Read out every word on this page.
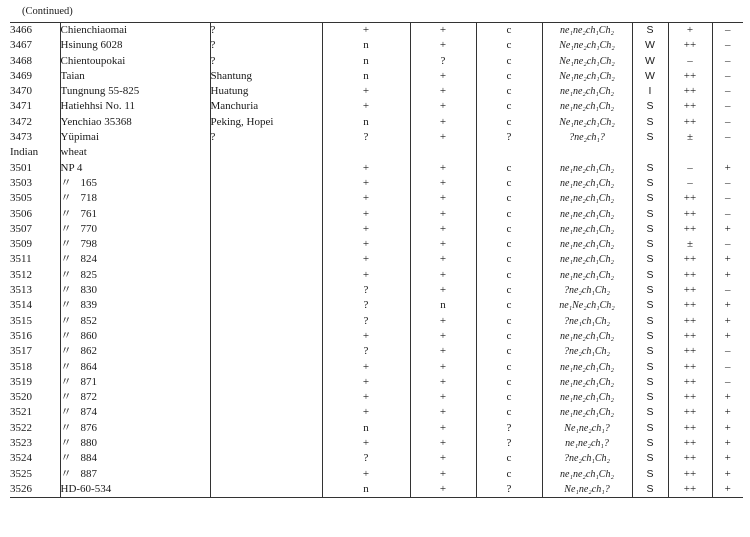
(Continued)
3466	Chienchiaomai	?	+	+	c	ne₁ne₂ch₁Ch₂	S	+	–
3467	Hsinung 6028	?	n	+	c	Ne₁ne₂ch₁Ch₂	W	++	–
3468	Chientoupokai	?	n	?	c	Ne₁ne₂ch₁Ch₂	W	–	–
3469	Taian	Shantung	n	+	c	Ne₁ne₂ch₁Ch₂	W	++	–
3470	Tungnung 55-825	Huatung	+	+	c	ne₁ne₂ch₁Ch₂	I	++	–
3471	Hatiehhsi No. 11	Manchuria	+	+	c	ne₁ne₂ch₁Ch₂	S	++	–
3472	Yenchiao 35368	Peking, Hopei	n	+	c	Ne₁ne₂ch₁Ch₂	S	++	–
3473	Yüpimai	?	?	+	?	?ne₂ch₁?	S	±	–
Indian	wheat								
3501	NP 4		+	+	c	ne₁ne₂ch₁Ch₂	S	–	+
3503	〃 165		+	+	c	ne₁ne₂ch₁Ch₂	S	–	–
3505	〃 718		+	+	c	ne₁ne₂ch₁Ch₂	S	++	–
3506	〃 761		+	+	c	ne₁ne₂ch₁Ch₂	S	++	–
3507	〃 770		+	+	c	ne₁ne₂ch₁Ch₂	S	++	+
3509	〃 798		+	+	c	ne₁ne₂ch₁Ch₂	S	±	–
3511	〃 824		+	+	c	ne₁ne₂ch₁Ch₂	S	++	+
3512	〃 825		+	+	c	ne₁ne₂ch₁Ch₂	S	++	+
3513	〃 830		?	+	c	?ne₂ch₁Ch₂	S	++	–
3514	〃 839		?	n	c	ne₁Ne₂ch₁Ch₂	S	++	+
3515	〃 852		?	+	c	?ne₁ch₁Ch₂	S	++	+
3516	〃 860		+	+	c	ne₁ne₂ch₁Ch₂	S	++	+
3517	〃 862		?	+	c	?ne₂ch₁Ch₂	S	++	–
3518	〃 864		+	+	c	ne₁ne₂ch₁Ch₂	S	++	–
3519	〃 871		+	+	c	ne₁ne₂ch₁Ch₂	S	++	–
3520	〃 872		+	+	c	ne₁ne₂ch₁Ch₂	S	++	+
3521	〃 874		+	+	c	ne₁ne₂ch₁Ch₂	S	++	+
3522	〃 876		n	+	?	Ne₁ne₂ch₁?	S	++	+
3523	〃 880		+	+	?	ne₁ne₂ch₁?	S	++	+
3524	〃 884		?	+	c	?ne₂ch₁Ch₂	S	++	+
3525	〃 887		+	+	c	ne₁ne₂ch₁Ch₂	S	++	+
3526	HD-60-534		n	+	?	Ne₁ne₂ch₁?	S	++	+
